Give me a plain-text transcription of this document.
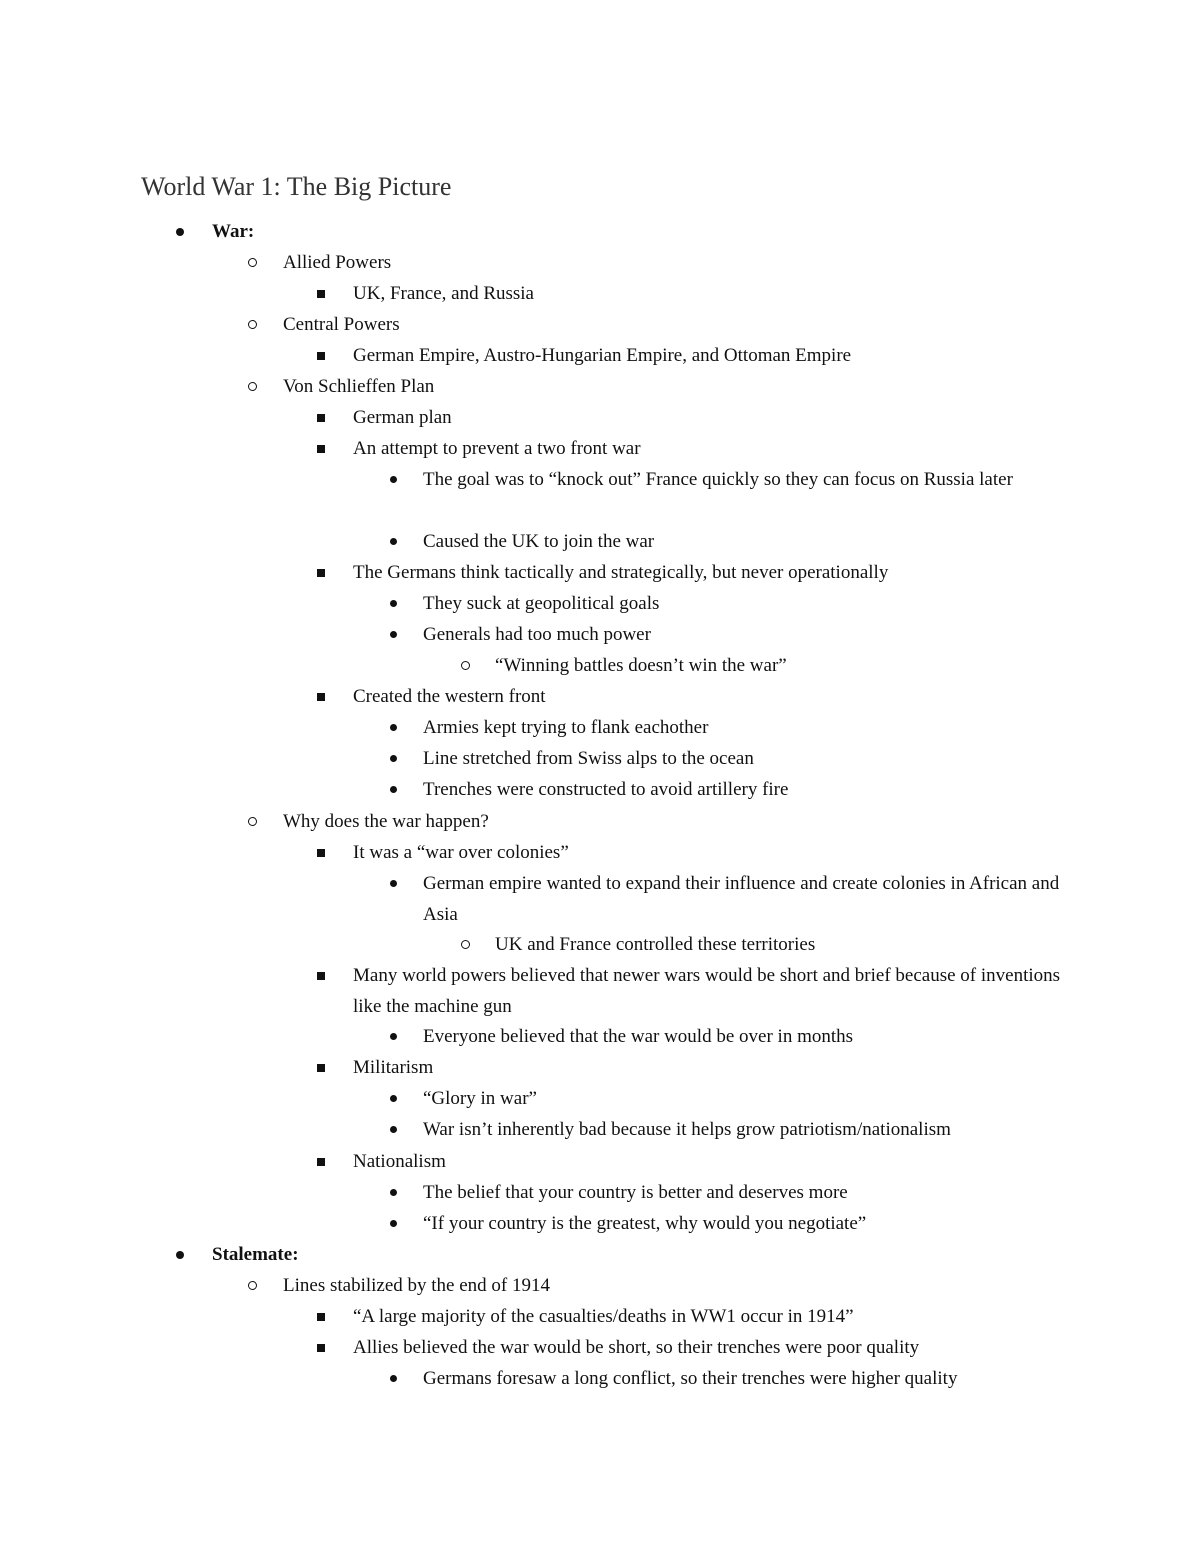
World War 1: The Big Picture
War:
Allied Powers
UK, France, and Russia
Central Powers
German Empire, Austro-Hungarian Empire, and Ottoman Empire
Von Schlieffen Plan
German plan
An attempt to prevent a two front war
The goal was to “knock out” France quickly so they can focus on Russia later
Caused the UK to join the war
The Germans think tactically and strategically, but never operationally
They suck at geopolitical goals
Generals had too much power
“Winning battles doesn’t win the war”
Created the western front
Armies kept trying to flank eachother
Line stretched from Swiss alps to the ocean
Trenches were constructed to avoid artillery fire
Why does the war happen?
It was a “war over colonies”
German empire wanted to expand their influence and create colonies in African and Asia
UK and France controlled these territories
Many world powers believed that newer wars would be short and brief because of inventions like the machine gun
Everyone believed that the war would be over in months
Militarism
“Glory in war”
War isn’t inherently bad because it helps grow patriotism/nationalism
Nationalism
The belief that your country is better and deserves more
“If your country is the greatest, why would you negotiate”
Stalemate:
Lines stabilized by the end of 1914
“A large majority of the casualties/deaths in WW1 occur in 1914”
Allies believed the war would be short, so their trenches were poor quality
Germans foresaw a long conflict, so their trenches were higher quality
